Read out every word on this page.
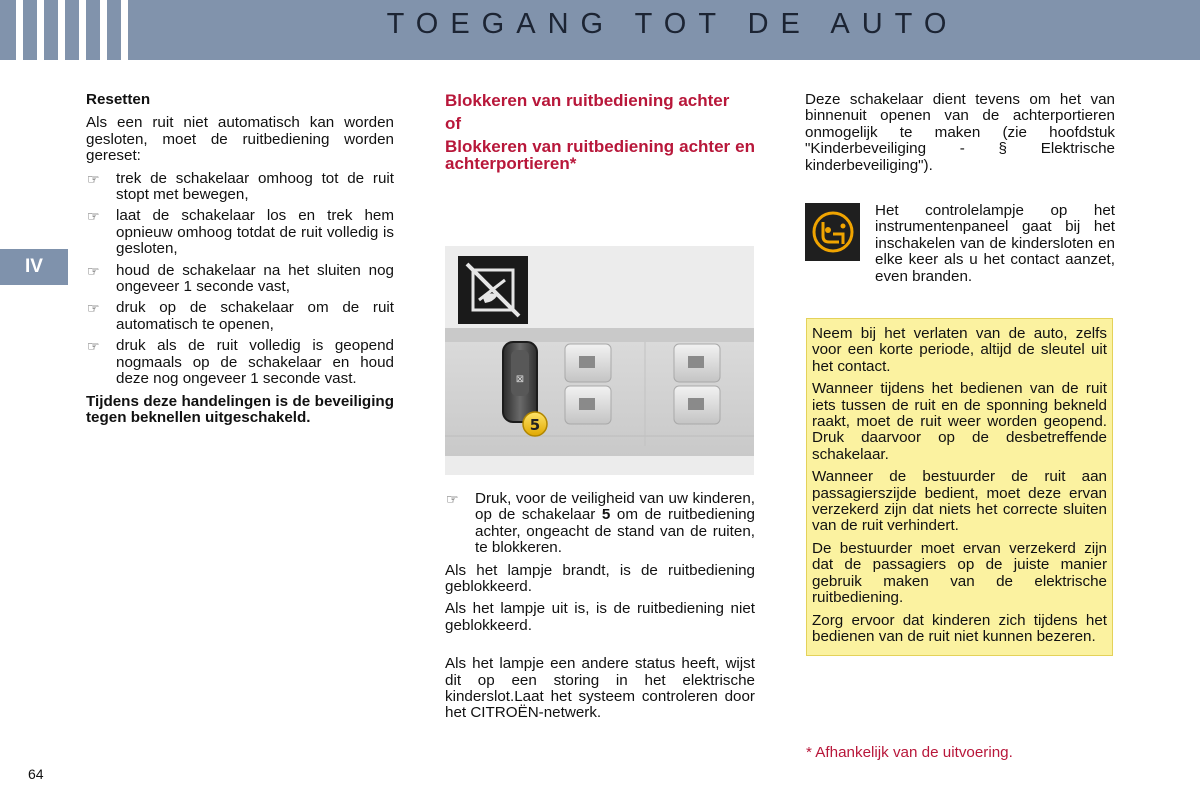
TOEGANG TOT DE AUTO
IV

Resetten

Als een ruit niet automatisch kan worden gesloten, moet de ruitbediening worden gereset:

☞ trek de schakelaar omhoog tot de ruit stopt met bewegen,
☞ laat de schakelaar los en trek hem opnieuw omhoog totdat de ruit volledig is gesloten,
☞ houd de schakelaar na het sluiten nog ongeveer 1 seconde vast,
☞ druk op de schakelaar om de ruit automatisch te openen,
☞ druk als de ruit volledig is geopend nogmaals op de schakelaar en houd deze nog ongeveer 1 seconde vast.

Tijdens deze handelingen is de beveiliging tegen beknellen uitgeschakeld.

Blokkeren van ruitbediening achter

of

Blokkeren van ruitbediening achter en achterportieren*

⊠
5
☞ Druk, voor de veiligheid van uw kinderen, op de schakelaar 5 om de ruitbediening achter, ongeacht de stand van de ruiten, te blokkeren.

Als het lampje brandt, is de ruitbediening geblokkeerd.

Als het lampje uit is, is de ruitbediening niet geblokkeerd.

Als het lampje een andere status heeft, wijst dit op een storing in het elektrische kinderslot.Laat het systeem controleren door het CITROËN-netwerk.

Deze schakelaar dient tevens om het van binnenuit openen van de achterportieren onmogelijk te maken (zie hoofdstuk "Kinderbeveiliging - § Elektrische kinderbeveiliging").

Het controlelampje op het instrumentenpaneel gaat bij het inschakelen van de kindersloten en elke keer als u het contact aanzet, even branden.

Neem bij het verlaten van de auto, zelfs voor een korte periode, altijd de sleutel uit het contact.

Wanneer tijdens het bedienen van de ruit iets tussen de ruit en de sponning bekneld raakt, moet de ruit weer worden geopend. Druk daarvoor op de desbetreffende schakelaar.

Wanneer de bestuurder de ruit aan passagierszijde bedient, moet deze ervan verzekerd zijn dat niets het correcte sluiten van de ruit verhindert.

De bestuurder moet ervan verzekerd zijn dat de passagiers op de juiste manier gebruik maken van de elektrische ruitbediening.

Zorg ervoor dat kinderen zich tijdens het bedienen van de ruit niet kunnen bezeren.

* Afhankelijk van de uitvoering.
64
